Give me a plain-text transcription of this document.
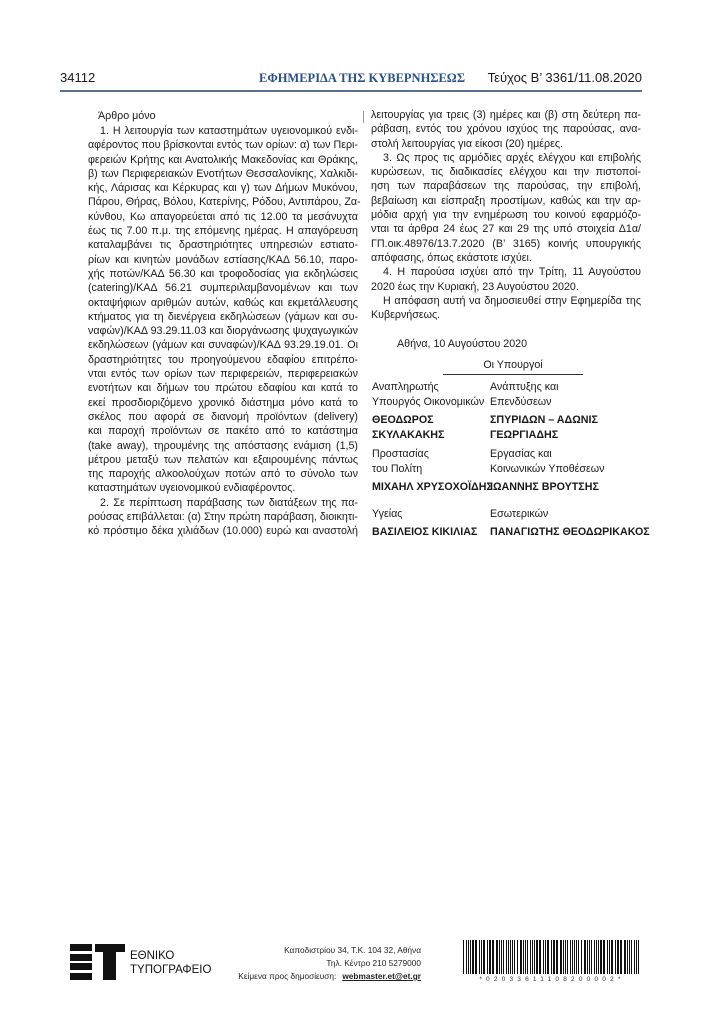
34112	ΕΦΗΜΕΡΙΔΑ ΤΗΣ ΚΥΒΕΡΝΗΣΕΩΣ	Τεύχος Β’ 3361/11.08.2020
Άρθρο μόνο
1. Η λειτουργία των καταστημάτων υγειονομικού ενδι-
αφέροντος που βρίσκονται εντός των ορίων: α) των Περι-
φερειών Κρήτης και Ανατολικής Μακεδονίας και Θράκης,
β) των Περιφερειακών Ενοτήτων Θεσσαλονίκης, Χαλκιδι-
κής, Λάρισας και Κέρκυρας και γ) των Δήμων Μυκόνου,
Πάρου, Θήρας, Βόλου, Κατερίνης, Ρόδου, Αντιπάρου, Ζα-
κύνθου, Κω απαγορεύεται από τις 12.00 τα μεσάνυχτα
έως τις 7.00 π.μ. της επόμενης ημέρας. Η απαγόρευση
καταλαμβάνει τις δραστηριότητες υπηρεσιών εστιατο-
ρίων και κινητών μονάδων εστίασης/ΚΑΔ 56.10, παρο-
χής ποτών/ΚΑΔ 56.30 και τροφοδοσίας για εκδηλώσεις
(catering)/ΚΑΔ 56.21 συμπεριλαμβανομένων και των
οκταψήφιων αριθμών αυτών, καθώς και εκμετάλλευσης
κτήματος για τη διενέργεια εκδηλώσεων (γάμων και συ-
ναφών)/ΚΑΔ 93.29.11.03 και διοργάνωσης ψυχαγωγικών
εκδηλώσεων (γάμων και συναφών)/ΚΑΔ 93.29.19.01. Οι
δραστηριότητες του προηγούμενου εδαφίου επιτρέπο-
νται εντός των ορίων των περιφερειών, περιφερειακών
ενοτήτων και δήμων του πρώτου εδαφίου και κατά το
εκεί προσδιοριζόμενο χρονικό διάστημα μόνο κατά το
σκέλος που αφορά σε διανομή προϊόντων (delivery)
και παροχή προϊόντων σε πακέτο από το κατάστημα
(take away), τηρουμένης της απόστασης ενάμιση (1,5)
μέτρου μεταξύ των πελατών και εξαιρουμένης πάντως
της παροχής αλκοολούχων ποτών από το σύνολο των
καταστημάτων υγειονομικού ενδιαφέροντος.
2. Σε περίπτωση παράβασης των διατάξεων της πα-
ρούσας επιβάλλεται: (α) Στην πρώτη παράβαση, διοικητι-
κό πρόστιμο δέκα χιλιάδων (10.000) ευρώ και αναστολή
λειτουργίας για τρεις (3) ημέρες και (β) στη δεύτερη πα-
ράβαση, εντός του χρόνου ισχύος της παρούσας, ανα-
στολή λειτουργίας για είκοσι (20) ημέρες.
3. Ως προς τις αρμόδιες αρχές ελέγχου και επιβολής
κυρώσεων, τις διαδικασίες ελέγχου και την πιστοποί-
ηση των παραβάσεων της παρούσας, την επιβολή,
βεβαίωση και είσπραξη προστίμων, καθώς και την αρ-
μόδια αρχή για την ενημέρωση του κοινού εφαρμόζο-
νται τα άρθρα 24 έως 27 και 29 της υπό στοιχεία Δ1α/
ΓΠ.οικ.48976/13.7.2020 (Β’ 3165) κοινής υπουργικής
απόφασης, όπως εκάστοτε ισχύει.
4. Η παρούσα ισχύει από την Τρίτη, 11 Αυγούστου
2020 έως την Κυριακή, 23 Αυγούστου 2020.
Η απόφαση αυτή να δημοσιευθεί στην Εφημερίδα της
Κυβερνήσεως.
Αθήνα, 10 Αυγούστου 2020
Οι Υπουργοί
Αναπληρωτής
Υπουργός Οικονομικών
ΘΕΟΔΩΡΟΣ
ΣΚΥΛΑΚΑΚΗΣ
Ανάπτυξης και
Επενδύσεων
ΣΠΥΡΙΔΩΝ – ΑΔΩΝΙΣ
ΓΕΩΡΓΙΑΔΗΣ
Προστασίας
του Πολίτη
ΜΙΧΑΗΛ ΧΡΥΣΟΧΟΪΔΗΣ
Εργασίας και
Κοινωνικών Υποθέσεων
ΙΩΑΝΝΗΣ ΒΡΟΥΤΣΗΣ
Υγείας
ΒΑΣΙΛΕΙΟΣ ΚΙΚΙΛΙΑΣ
Εσωτερικών
ΠΑΝΑΓΙΩΤΗΣ ΘΕΟΔΩΡΙΚΑΚΟΣ
ΕΘΝΙΚΟ
ΤΥΠΟΓΡΑΦΕΙΟ
Καποδιστρίου 34, Τ.Κ. 104 32, Αθήνα
Τηλ. Κέντρο 210 5279000
Κείμενα προς δημοσίευση: webmaster.et@et.gr	*02033611108200002*
